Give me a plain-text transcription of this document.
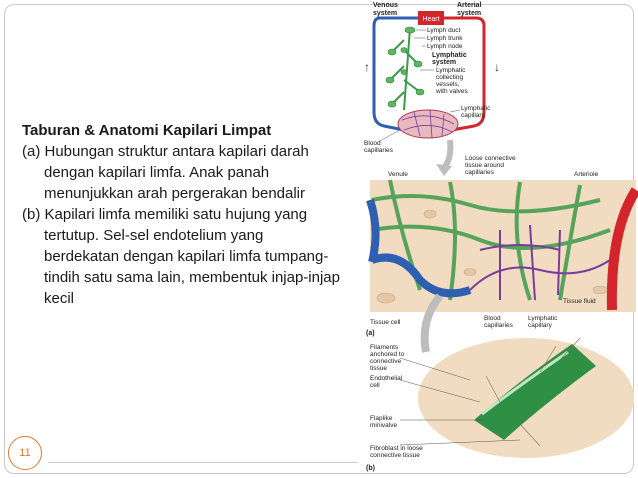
Taburan & Anatomi Kapilari Limpat
(a) Hubungan struktur antara kapilari darah dengan kapilari limfa. Anak panah menunjukkan arah pergerakan bendalir
(b) Kapilari limfa memiliki satu hujung yang tertutup. Sel-sel endotelium yang berdekatan dengan kapilari limfa tumpang-tindih satu sama lain, membentuk injap-injap kecil
11
↑	↓
Venous
system
Arterial
system
Heart
Lymph duct
Lymph trunk
Lymph node
Lymphatic
system
Lymphatic
collecting
vessels,
with valves
Lymphatic
capillary
Blood
capillaries
Loose connective
tissue around
capillaries
Venule	Arteriole
Tissue fluid
Tissue cell
Blood
capillaries
Lymphatic
capillary
(a)
Filaments
anchored to
connective
tissue
Endothelial
cell
Flaplike
minivalve
Fibroblast in loose
connective tissue
(b)
